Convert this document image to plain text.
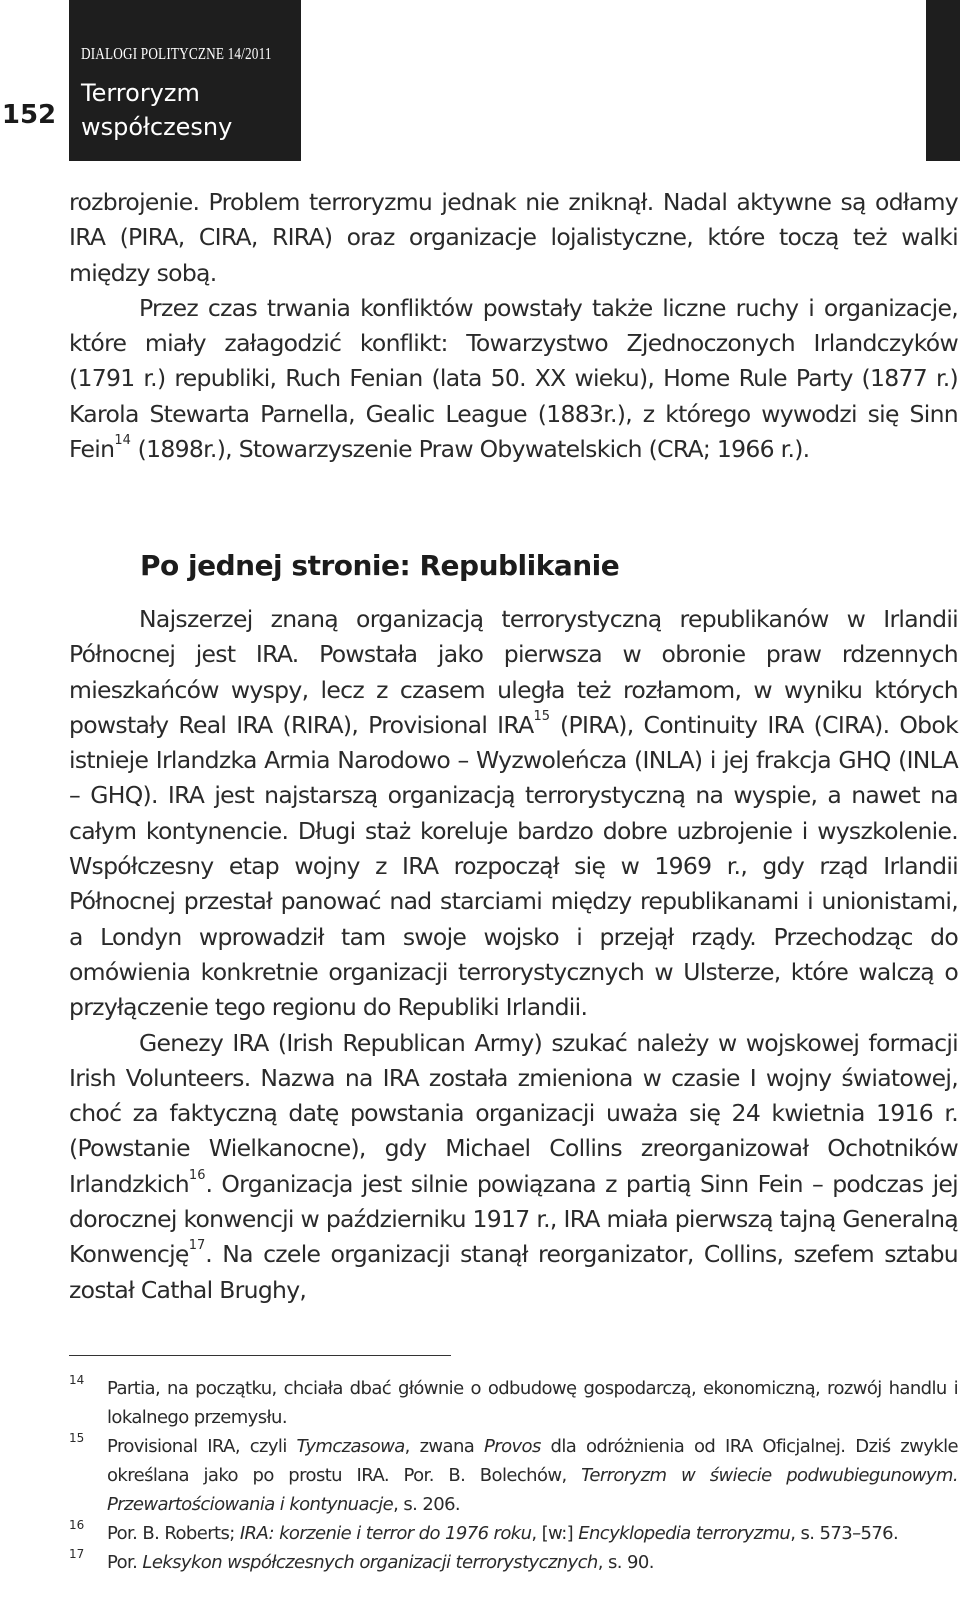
152
DIALOGI POLITYCZNE 14/2011
Terroryzm
współczesny

rozbrojenie. Problem terroryzmu jednak nie zniknął. Nadal aktywne są odłamy IRA (PIRA, CIRA, RIRA) oraz organizacje lojalistyczne, które toczą też walki między sobą.

Przez czas trwania konfliktów powstały także liczne ruchy i organizacje, które miały załagodzić konflikt: Towarzystwo Zjednoczonych Irlandczyków (1791 r.) republiki, Ruch Fenian (lata 50. XX wieku), Home Rule Party (1877 r.) Karola Stewarta Parnella, Gealic League (1883r.), z którego wywodzi się Sinn Fein$^{14}$ (1898r.), Stowarzyszenie Praw Obywatelskich (CRA; 1966 r.).

Po jednej stronie: Republikanie

Najszerzej znaną organizacją terrorystyczną republikanów w Irlandii Północnej jest IRA. Powstała jako pierwsza w obronie praw rdzennych mieszkańców wyspy, lecz z czasem uległa też rozłamom, w wyniku których powstały Real IRA (RIRA), Provisional IRA$^{15}$ (PIRA), Continuity IRA (CIRA). Obok istnieje Irlandzka Armia Narodowo – Wyzwoleńcza (INLA) i jej frakcja GHQ (INLA – GHQ). IRA jest najstarszą organizacją terrorystyczną na wyspie, a nawet na całym kontynencie. Długi staż koreluje bardzo dobre uzbrojenie i wyszkolenie. Współczesny etap wojny z IRA rozpoczął się w 1969 r., gdy rząd Irlandii Północnej przestał panować nad starciami między republikanami i unionistami, a Londyn wprowadził tam swoje wojsko i przejął rządy. Przechodząc do omówienia konkretnie organizacji terrorystycznych w Ulsterze, które walczą o przyłączenie tego regionu do Republiki Irlandii.

Genezy IRA (Irish Republican Army) szukać należy w wojskowej formacji Irish Volunteers. Nazwa na IRA została zmieniona w czasie I wojny światowej, choć za faktyczną datę powstania organizacji uważa się 24 kwietnia 1916 r. (Powstanie Wielkanocne), gdy Michael Collins zreorganizował Ochotników Irlandzkich$^{16}$. Organizacja jest silnie powiązana z partią Sinn Fein – podczas jej dorocznej konwencji w październiku 1917 r., IRA miała pierwszą tajną Generalną Konwencję$^{17}$. Na czele organizacji stanął reorganizator, Collins, szefem sztabu został Cathal Brughy,

14 Partia, na początku, chciała dbać głównie o odbudowę gospodarczą, ekonomiczną, rozwój handlu i lokalnego przemysłu.

15 Provisional IRA, czyli Tymczasowa, zwana Provos dla odróżnienia od IRA Oficjalnej. Dziś zwykle określana jako po prostu IRA. Por. B. Bolechów, Terroryzm w świecie podwubiegunowym. Przewartościowania i kontynuacje, s. 206.

16 Por. B. Roberts; IRA: korzenie i terror do 1976 roku, [w:] Encyklopedia terroryzmu, s. 573–576.

17 Por. Leksykon współczesnych organizacji terrorystycznych, s. 90.
